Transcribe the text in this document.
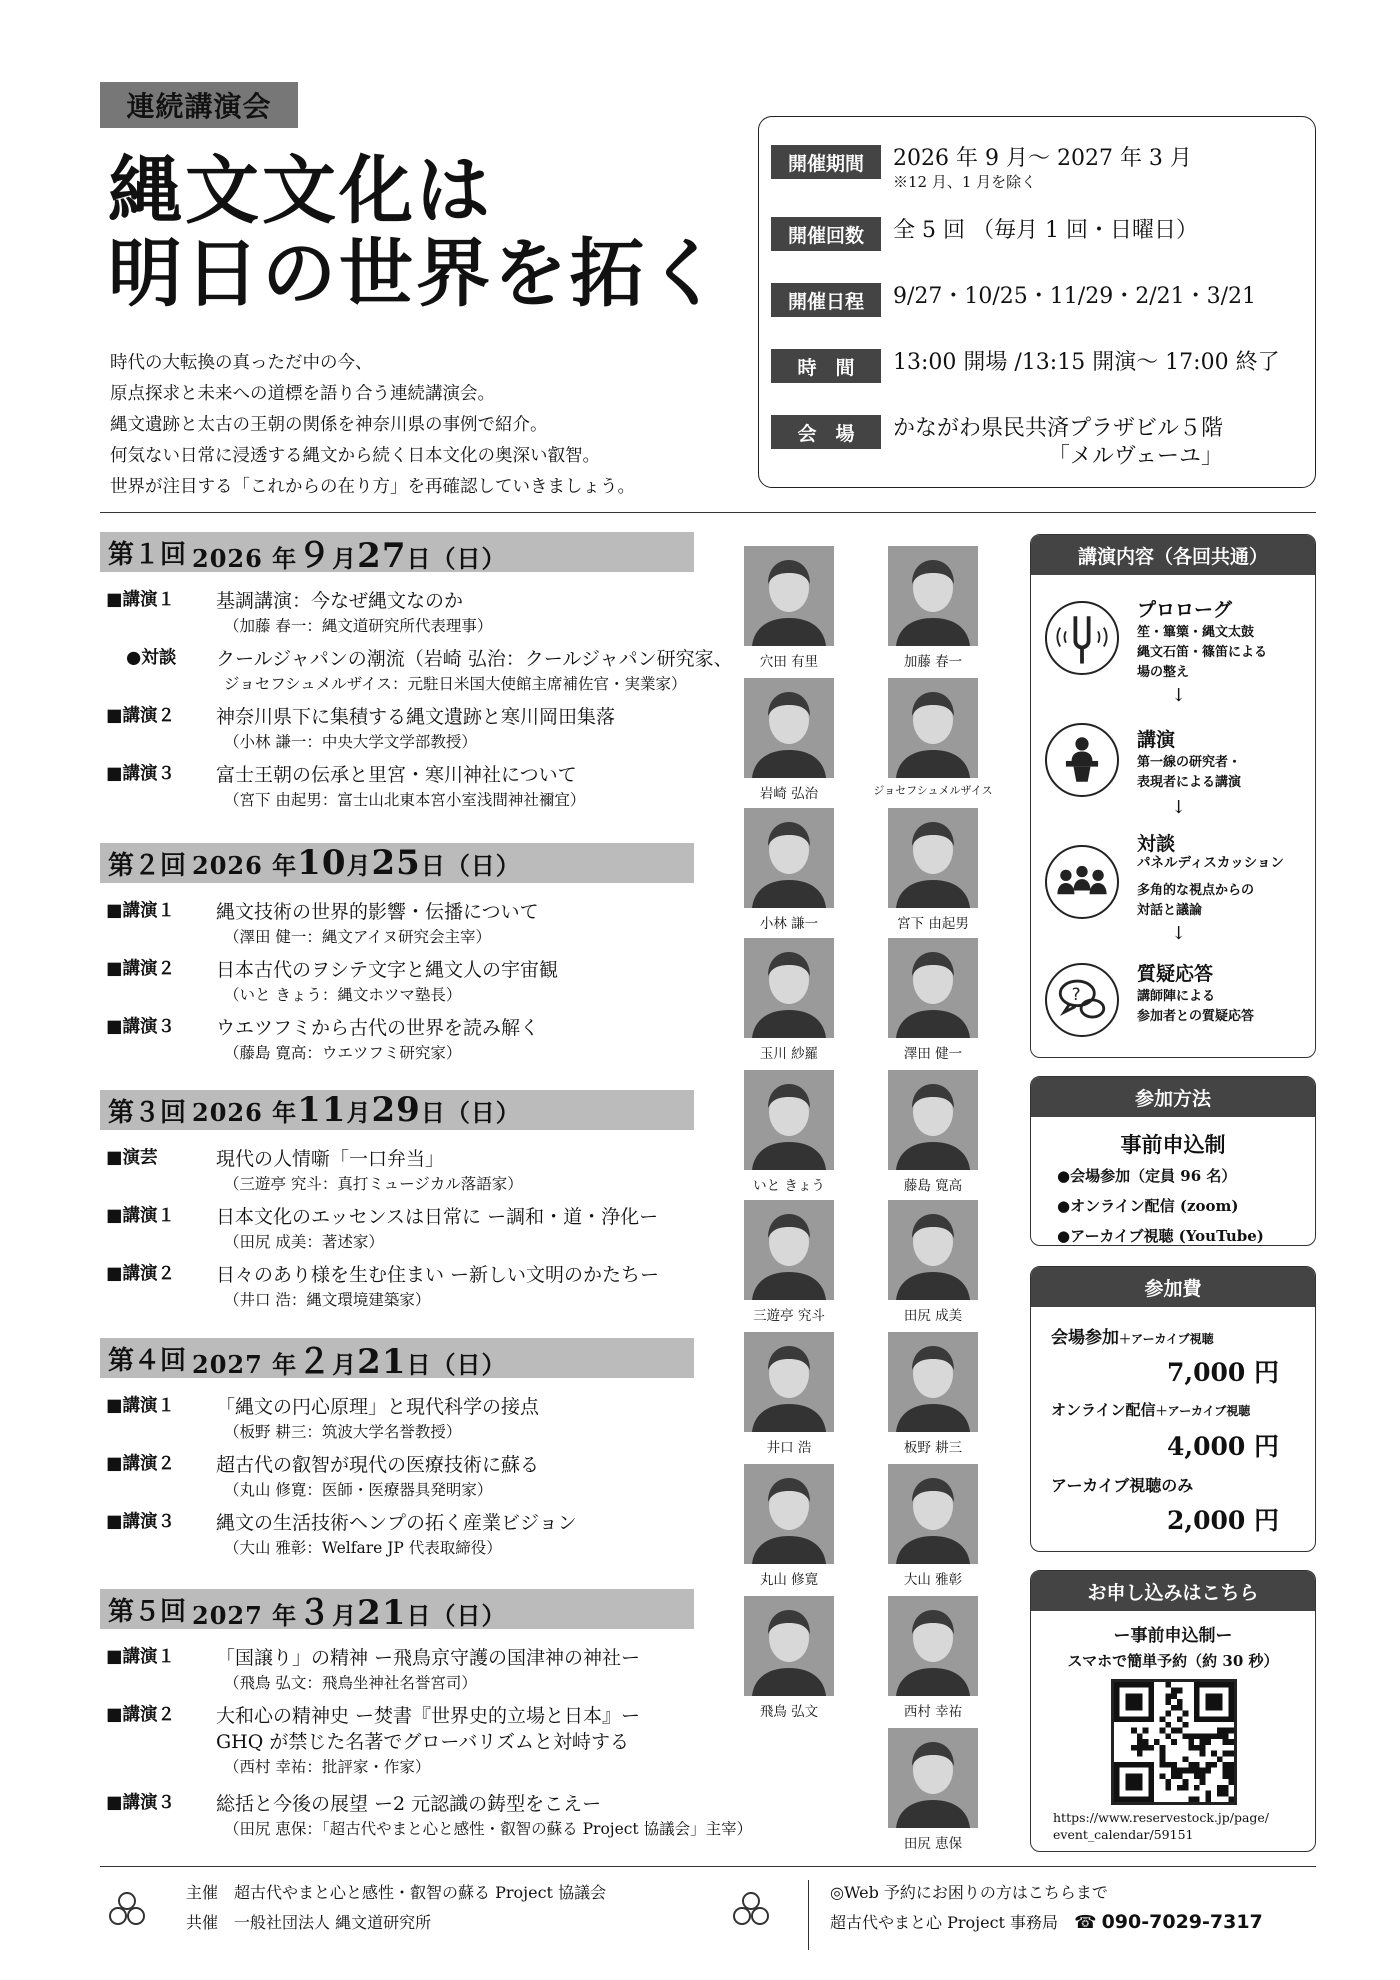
連続講演会
縄文文化は
明日の世界を拓く
時代の大転換の真っただ中の今、
原点探求と未来への道標を語り合う連続講演会。
縄文遺跡と太古の王朝の関係を神奈川県の事例で紹介。
何気ない日常に浸透する縄文から続く日本文化の奥深い叡智。
世界が注目する「これからの在り方」を再確認していきましょう。
開催期間	2026 年 9 月～ 2027 年 3 月
※12 月、1 月を除く
開催回数	全 5 回 （毎月 1 回・日曜日）
開催日程	9/27・10/25・11/29・2/21・3/21
時　間	13:00 開場 /13:15 開演～ 17:00 終了
会　場	かながわ県民共済プラザビル５階
「メルヴェーユ」
第１回 2026 年９月27日（日）
■講演１ 基調講演：今なぜ縄文なのか
（加藤 春一：縄文道研究所代表理事）
●対談 クールジャパンの潮流（岩崎 弘治：クールジャパン研究家、
ジョセフシュメルザイス：元駐日米国大使館主席補佐官・実業家）
■講演２ 神奈川県下に集積する縄文遺跡と寒川岡田集落
（小林 謙一：中央大学文学部教授）
■講演３ 富士王朝の伝承と里宮・寒川神社について
（宮下 由起男：富士山北東本宮小室浅間神社禰宜）
第２回 2026 年10月25日（日）
■講演１ 縄文技術の世界的影響・伝播について
（澤田 健一：縄文アイヌ研究会主宰）
■講演２ 日本古代のヲシテ文字と縄文人の宇宙観
（いと きょう：縄文ホツマ塾長）
■講演３ ウエツフミから古代の世界を読み解く
（藤島 寛高：ウエツフミ研究家）
第３回 2026 年11月29日（日）
■演芸	現代の人情噺「一口弁当」
（三遊亭 究斗：真打ミュージカル落語家）
■講演１ 日本文化のエッセンスは日常に ー調和・道・浄化ー
（田尻 成美：著述家）
■講演２ 日々のあり様を生む住まい ー新しい文明のかたちー
（井口 浩：縄文環境建築家）
第４回 2027 年２月21日（日）
■講演１ 「縄文の円心原理」と現代科学の接点
（板野 耕三：筑波大学名誉教授）
■講演２ 超古代の叡智が現代の医療技術に蘇る
（丸山 修寛：医師・医療器具発明家）
■講演３ 縄文の生活技術ヘンプの拓く産業ビジョン
（大山 雅彰：Welfare JP 代表取締役）
第５回 2027 年３月21日（日）
■講演１ 「国譲り」の精神 ー飛鳥京守護の国津神の神社ー
（飛鳥 弘文：飛鳥坐神社名誉宮司）
■講演２ 大和心の精神史 ー焚書『世界史的立場と日本』ー
GHQ が禁じた名著でグローバリズムと対峙する
（西村 幸祐：批評家・作家）
■講演３ 総括と今後の展望 ー2 元認識の鋳型をこえー
（田尻 恵保：「超古代やまと心と感性・叡智の蘇る Project 協議会」主宰）
穴田 有里	加藤 春一
岩崎 弘治	ジョセフシュメルザイス
小林 謙一	宮下 由起男
玉川 紗羅	澤田 健一
いと きょう	藤島 寛高
三遊亭 究斗	田尻 成美
井口 浩	板野 耕三
丸山 修寛	大山 雅彰
飛鳥 弘文	西村 幸祐
田尻 恵保
講演内容（各回共通）
プロローグ
笙・篳篥・縄文太鼓
縄文石笛・篠笛による
場の整え
↓
講演
第一線の研究者・
表現者による講演
↓
対談
パネルディスカッション
多角的な視点からの
対話と議論
↓
?
質疑応答
講師陣による
参加者との質疑応答
参加方法
事前申込制
●会場参加（定員 96 名）
●オンライン配信 (zoom)
●アーカイブ視聴 (YouTube)
参加費
会場参加＋アーカイブ視聴
7,000 円
オンライン配信＋アーカイブ視聴
4,000 円
アーカイブ視聴のみ
2,000 円
お申し込みはこちら
ー事前申込制ー
スマホで簡単予約（約 30 秒）
https://www.reservestock.jp/page/
event_calendar/59151
主催　 超古代やまと心と感性・叡智の蘇る Project 協議会
共催　 一般社団法人 縄文道研究所
◎Web 予約にお困りの方はこちらまで
超古代やまと心 Project 事務局　 ☎ 090-7029-7317
